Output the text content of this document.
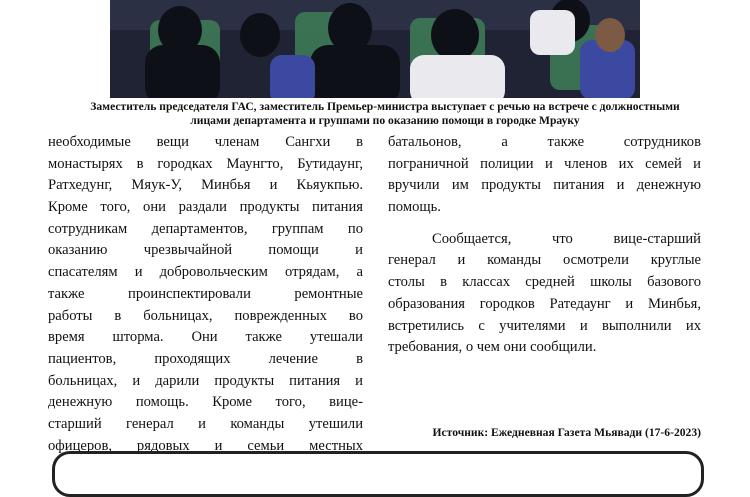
Заместитель председателя ГАС, заместитель Премьер-министра выступает с речью на встрече с должностными
лицами департамента и группами по оказанию помощи в городке Мрауку
необходимые вещи членам Сангхи в
монастырях в городках Маунгто, Бутидаунг,
Ратхедунг, Мяук-У, Минбья и Кьяукпью.
Кроме того, они раздали продукты питания
сотрудникам департаментов, группам по
оказанию чрезвычайной помощи и
спасателям и добровольческим отрядам, а
также проинспектировали ремонтные
работы в больницах, поврежденных во
время шторма. Они также утешали
пациентов, проходящих лечение в
больницах, и дарили продукты питания и
денежную помощь. Кроме того, вице-
старший генерал и команды утешили
офицеров, рядовых и семьи местных
батальонов, а также сотрудников
пограничной полиции и членов их семей и
вручили им продукты питания и денежную
помощь.
Сообщается, что вице-старший
генерал и команды осмотрели круглые
столы в классах средней школы базового
образования городков Ратедаунг и Минбья,
встретились с учителями и выполнили их
требования, о чем они сообщили.
Источник: Ежедневная Газета Мьявади (17-6-2023)
